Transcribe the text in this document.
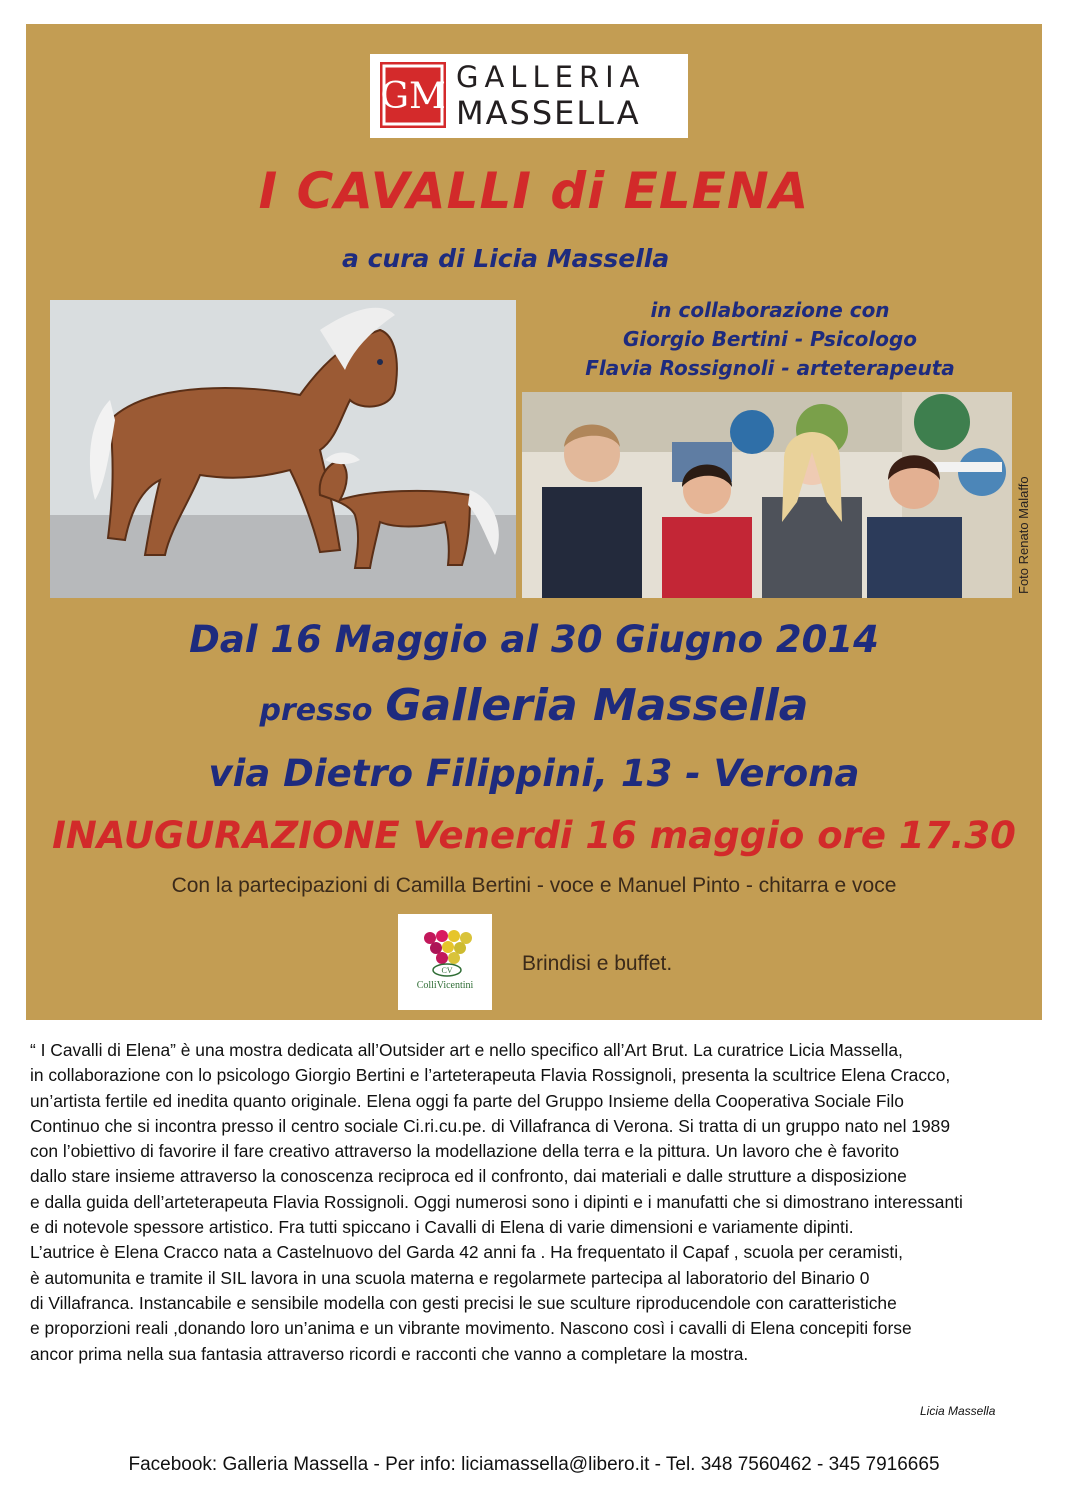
GM GALLERIA
MASSELLA
I CAVALLI di ELENA
a cura di Licia Massella
in collaborazione con
Giorgio Bertini - Psicologo
Flavia Rossignoli - arteterapeuta
Foto Renato Malaffo
Dal 16 Maggio al 30 Giugno 2014
presso Galleria Massella
via Dietro Filippini, 13 - Verona
INAUGURAZIONE Venerdi 16 maggio ore 17.30
Con la partecipazioni di Camilla Bertini - voce e Manuel Pinto - chitarra e voce
CV
ColliVicentini
Brindisi e buffet.
“ I Cavalli di Elena” è una mostra dedicata all’Outsider art e nello specifico all’Art Brut. La curatrice Licia Massella,
in collaborazione con lo psicologo Giorgio Bertini e l’arteterapeuta Flavia Rossignoli, presenta la scultrice Elena Cracco,
un’artista fertile ed inedita quanto originale. Elena oggi fa parte del Gruppo Insieme della Cooperativa Sociale Filo
Continuo che si incontra presso il centro sociale Ci.ri.cu.pe. di Villafranca di Verona. Si tratta di un gruppo nato nel 1989
con l’obiettivo di favorire il fare creativo attraverso la modellazione della terra e la pittura. Un lavoro che è favorito
dallo stare insieme attraverso la conoscenza reciproca ed il confronto, dai materiali e dalle strutture a disposizione
e dalla guida dell’arteterapeuta Flavia Rossignoli. Oggi numerosi sono i dipinti e i manufatti che si dimostrano interessanti
e di notevole spessore artistico. Fra tutti spiccano i Cavalli di Elena di varie dimensioni e variamente dipinti.
L’autrice è Elena Cracco nata a Castelnuovo del Garda 42 anni fa . Ha frequentato il Capaf , scuola per ceramisti,
è automunita e tramite il SIL lavora in una scuola materna e regolarmete partecipa al laboratorio del Binario 0
di Villafranca. Instancabile e sensibile modella con gesti precisi le sue sculture riproducendole con caratteristiche
e proporzioni reali ,donando loro un’anima e un vibrante movimento. Nascono così i cavalli di Elena concepiti forse
ancor prima nella sua fantasia attraverso ricordi e racconti che vanno a completare la mostra.
Licia Massella
Facebook: Galleria Massella - Per info: liciamassella@libero.it - Tel. 348 7560462 - 345 7916665
